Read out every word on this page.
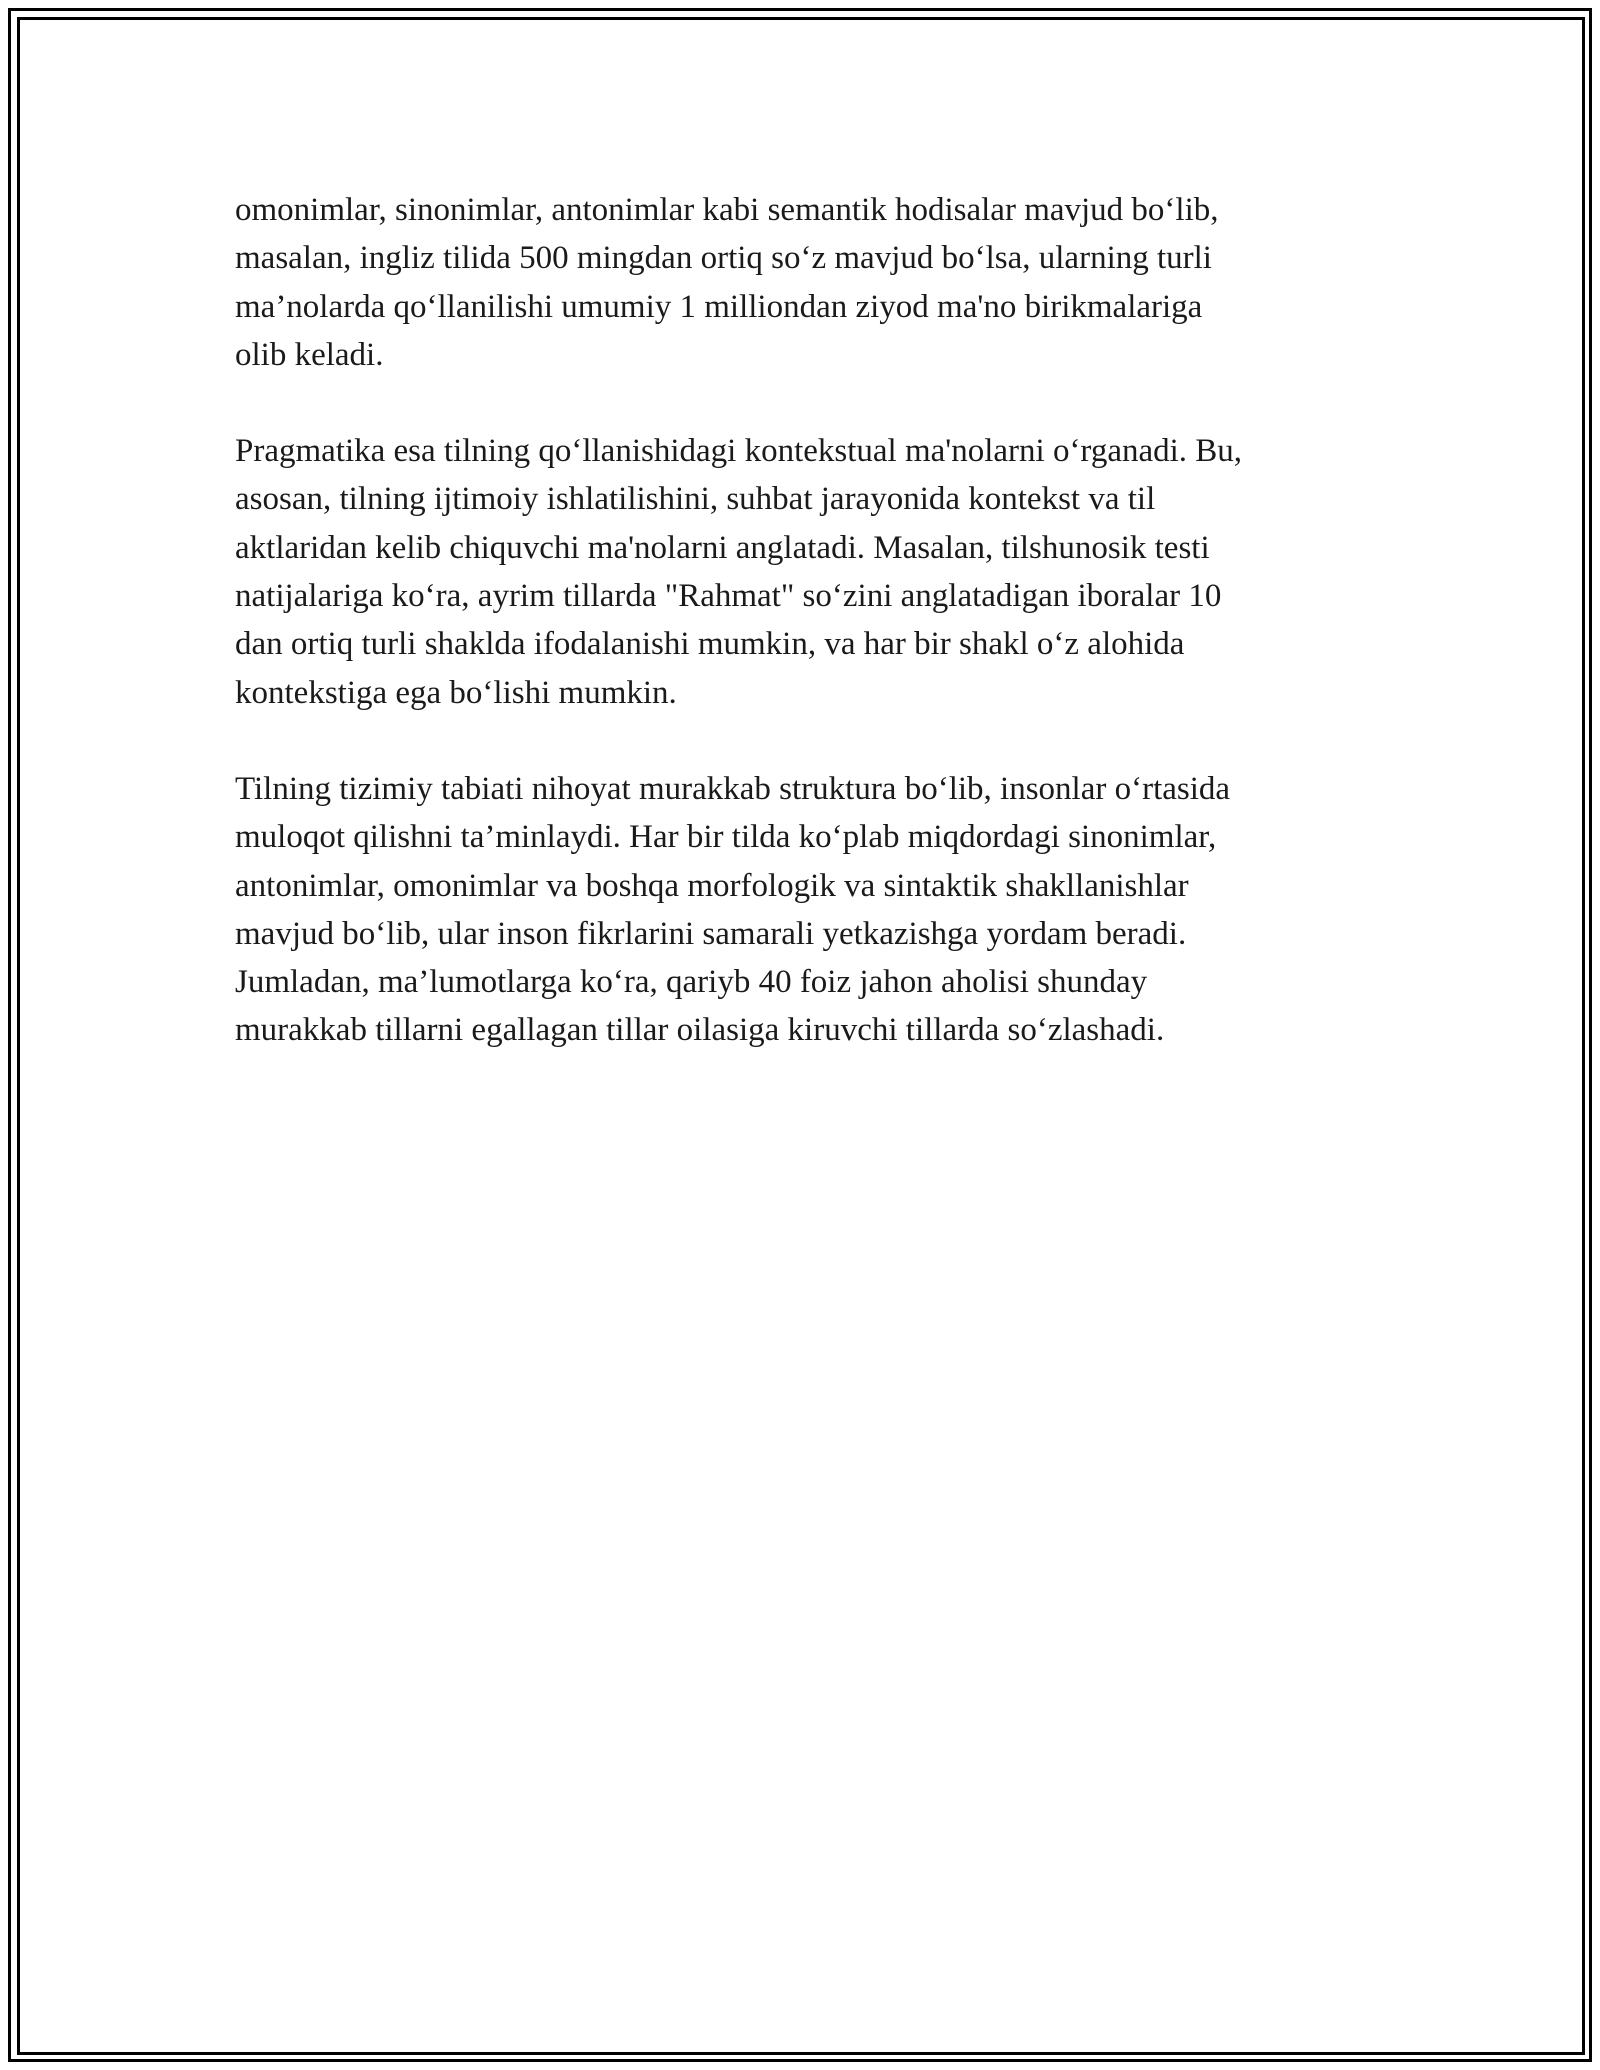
omonimlar, sinonimlar, antonimlar kabi semantik hodisalar mavjud bo‘lib,
masalan, ingliz tilida 500 mingdan ortiq so‘z mavjud bo‘lsa, ularning turli
ma’nolarda qo‘llanilishi umumiy 1 milliondan ziyod ma'no birikmalariga
olib keladi.

Pragmatika esa tilning qo‘llanishidagi kontekstual ma'nolarni o‘rganadi. Bu,
asosan, tilning ijtimoiy ishlatilishini, suhbat jarayonida kontekst va til
aktlaridan kelib chiquvchi ma'nolarni anglatadi. Masalan, tilshunosik testi
natijalariga ko‘ra, ayrim tillarda "Rahmat" so‘zini anglatadigan iboralar 10
dan ortiq turli shaklda ifodalanishi mumkin, va har bir shakl o‘z alohida
kontekstiga ega bo‘lishi mumkin.

Tilning tizimiy tabiati nihoyat murakkab struktura bo‘lib, insonlar o‘rtasida
muloqot qilishni ta’minlaydi. Har bir tilda ko‘plab miqdordagi sinonimlar,
antonimlar, omonimlar va boshqa morfologik va sintaktik shakllanishlar
mavjud bo‘lib, ular inson fikrlarini samarali yetkazishga yordam beradi.
Jumladan, ma’lumotlarga ko‘ra, qariyb 40 foiz jahon aholisi shunday
murakkab tillarni egallagan tillar oilasiga kiruvchi tillarda so‘zlashadi.
